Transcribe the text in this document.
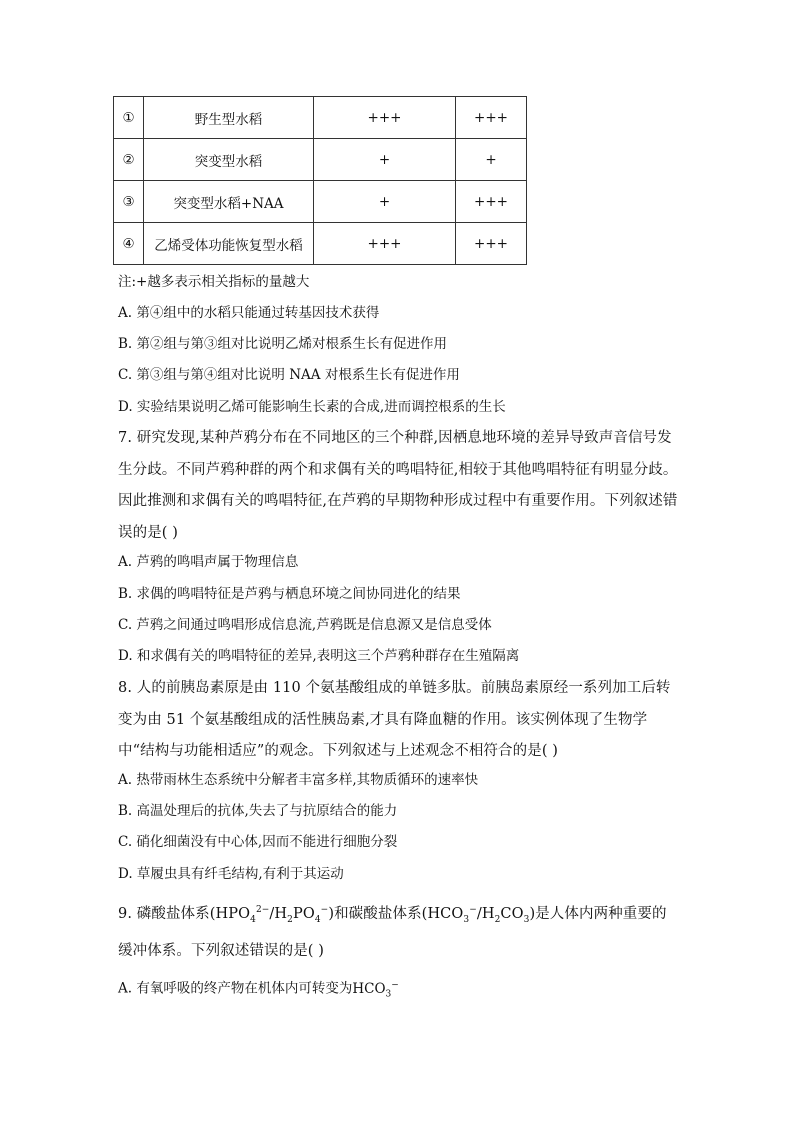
①	野生型水稻	+++	+++
②	突变型水稻	+	+
③	突变型水稻+NAA	+	+++
④	乙烯受体功能恢复型水稻	+++	+++
注:+越多表示相关指标的量越大
A. 第④组中的水稻只能通过转基因技术获得
B. 第②组与第③组对比说明乙烯对根系生长有促进作用
C. 第③组与第④组对比说明 NAA 对根系生长有促进作用
D. 实验结果说明乙烯可能影响生长素的合成,进而调控根系的生长
7. 研究发现,某种芦鸦分布在不同地区的三个种群,因栖息地环境的差异导致声音信号发生分歧。不同芦鸦种群的两个和求偶有关的鸣唱特征,相较于其他鸣唱特征有明显分歧。因此推测和求偶有关的鸣唱特征,在芦鸦的早期物种形成过程中有重要作用。下列叙述错误的是( )
A. 芦鸦的鸣唱声属于物理信息
B. 求偶的鸣唱特征是芦鸦与栖息环境之间协同进化的结果
C. 芦鸦之间通过鸣唱形成信息流,芦鸦既是信息源又是信息受体
D. 和求偶有关的鸣唱特征的差异,表明这三个芦鸦种群存在生殖隔离
8. 人的前胰岛素原是由 110 个氨基酸组成的单链多肽。前胰岛素原经一系列加工后转变为由 51 个氨基酸组成的活性胰岛素,才具有降血糖的作用。该实例体现了生物学中“结构与功能相适应”的观念。下列叙述与上述观念不相符合的是( )
A. 热带雨林生态系统中分解者丰富多样,其物质循环的速率快
B. 高温处理后的抗体,失去了与抗原结合的能力
C. 硝化细菌没有中心体,因而不能进行细胞分裂
D. 草履虫具有纤毛结构,有利于其运动
9. 磷酸盐体系$(HPO_4^{2-}/H_2PO_4^-)$和碳酸盐体系$(HCO_3^-/H_2CO_3)$是人体内两种重要的缓冲体系。下列叙述错误的是( )
A. 有氧呼吸的终产物在机体内可转变为$HCO_3^-$
